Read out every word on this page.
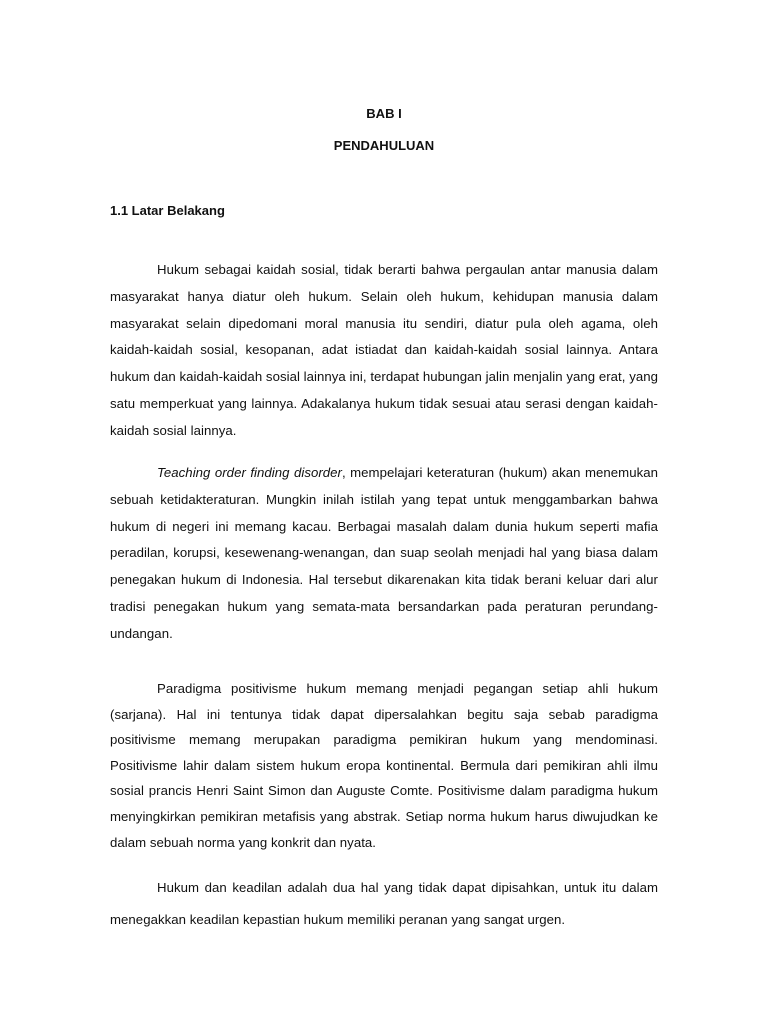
BAB I
PENDAHULUAN
1.1 Latar Belakang

Hukum sebagai kaidah sosial, tidak berarti bahwa pergaulan antar manusia dalam masyarakat hanya diatur oleh hukum. Selain oleh hukum, kehidupan manusia dalam masyarakat selain dipedomani moral manusia itu sendiri, diatur pula oleh agama, oleh kaidah-kaidah sosial, kesopanan, adat istiadat dan kaidah-kaidah sosial lainnya. Antara hukum dan kaidah-kaidah sosial lainnya ini, terdapat hubungan jalin menjalin yang erat, yang satu memperkuat yang lainnya. Adakalanya hukum tidak sesuai atau serasi dengan kaidah-kaidah sosial lainnya.

Teaching order finding disorder, mempelajari keteraturan (hukum) akan menemukan sebuah ketidakteraturan. Mungkin inilah istilah yang tepat untuk menggambarkan bahwa hukum di negeri ini memang kacau. Berbagai masalah dalam dunia hukum seperti mafia peradilan, korupsi, kesewenang-wenangan, dan suap seolah menjadi hal yang biasa dalam penegakan hukum di Indonesia. Hal tersebut dikarenakan kita tidak berani keluar dari alur tradisi penegakan hukum yang semata-mata bersandarkan pada peraturan perundang-undangan.

Paradigma positivisme hukum memang menjadi pegangan setiap ahli hukum (sarjana). Hal ini tentunya tidak dapat dipersalahkan begitu saja sebab paradigma positivisme memang merupakan paradigma pemikiran hukum yang mendominasi. Positivisme lahir dalam sistem hukum eropa kontinental. Bermula dari pemikiran ahli ilmu sosial prancis Henri Saint Simon dan Auguste Comte. Positivisme dalam paradigma hukum menyingkirkan pemikiran metafisis yang abstrak. Setiap norma hukum harus diwujudkan ke dalam sebuah norma yang konkrit dan nyata.

Hukum dan keadilan adalah dua hal yang tidak dapat dipisahkan, untuk itu dalam menegakkan keadilan kepastian hukum memiliki peranan yang sangat urgen.
